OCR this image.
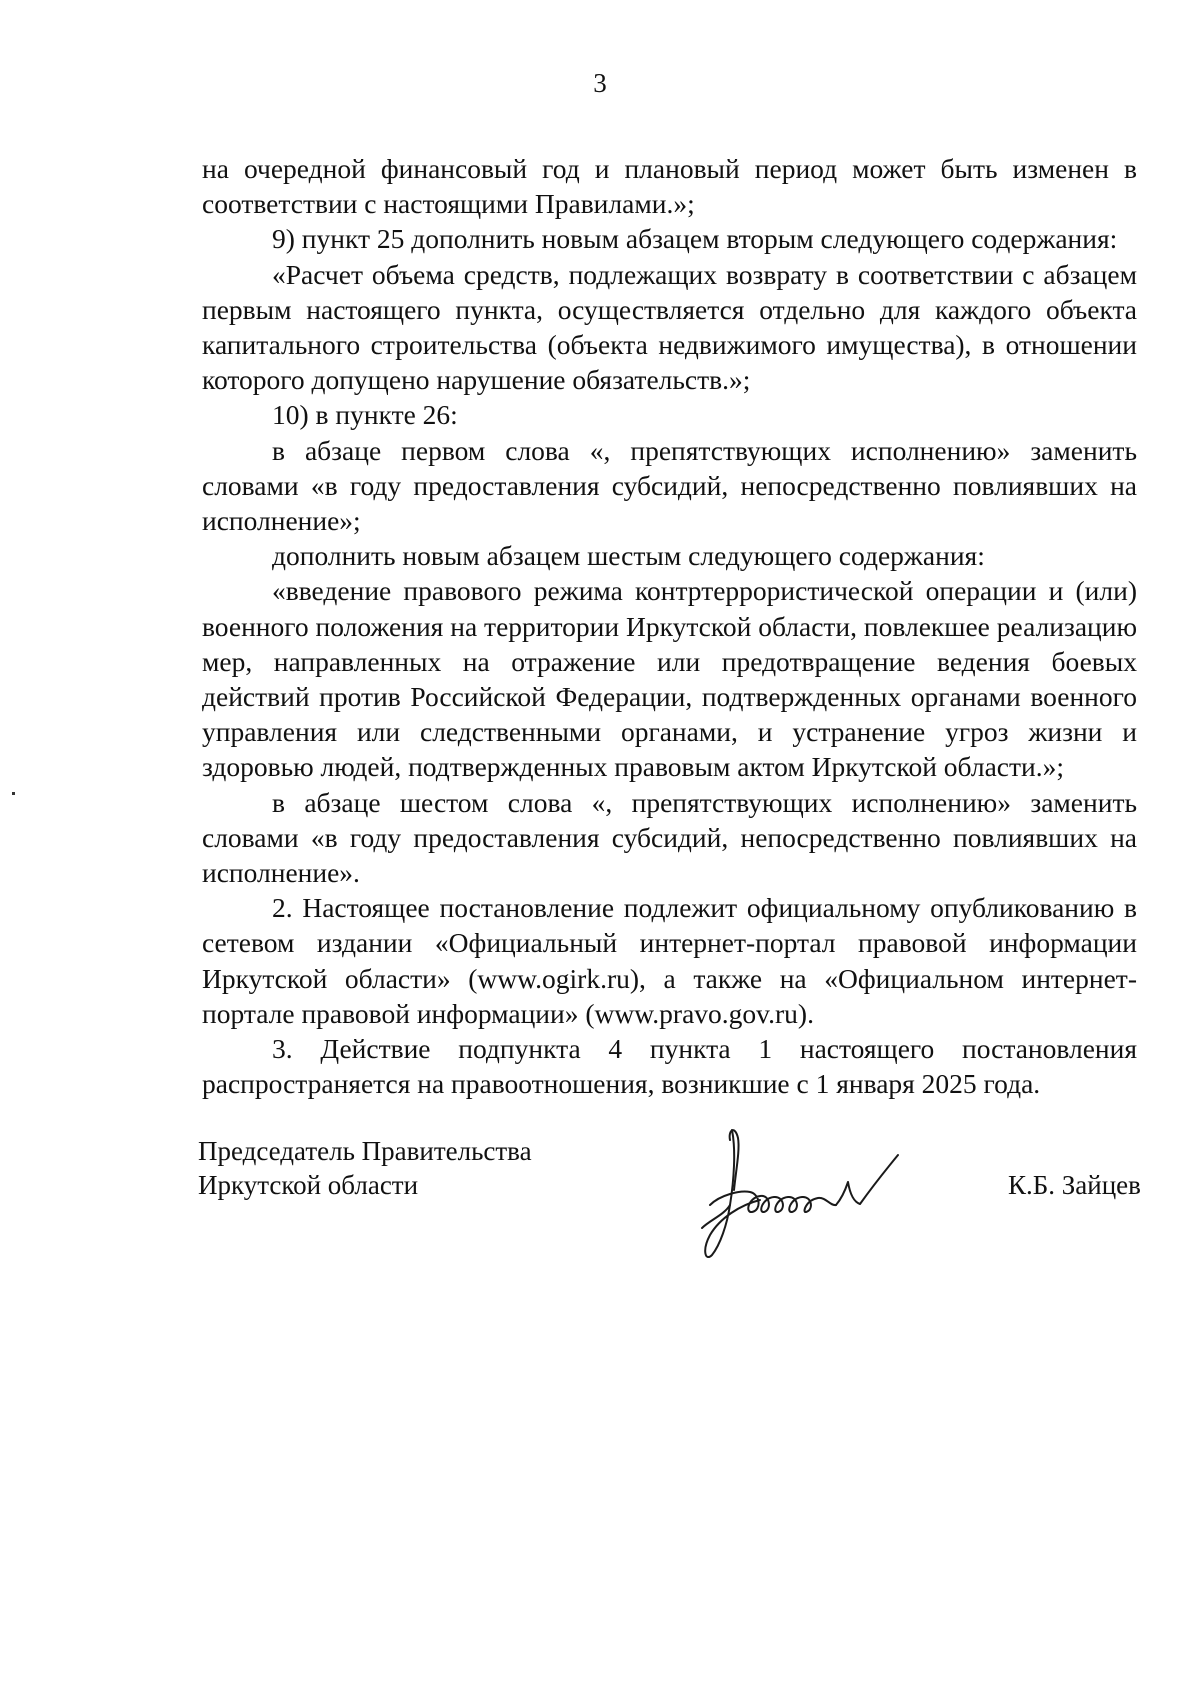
3

на очередной финансовый год и плановый период может быть изменен в соответствии с настоящими Правилами.»;

9) пункт 25 дополнить новым абзацем вторым следующего содержания:

«Расчет объема средств, подлежащих возврату в соответствии с абзацем первым настоящего пункта, осуществляется отдельно для каждого объекта капитального строительства (объекта недвижимого имущества), в отношении которого допущено нарушение обязательств.»;

10) в пункте 26:

в абзаце первом слова «, препятствующих исполнению» заменить словами «в году предоставления субсидий, непосредственно повлиявших на исполнение»;

дополнить новым абзацем шестым следующего содержания:

«введение правового режима контртеррористической операции и (или) военного положения на территории Иркутской области, повлекшее реализацию мер, направленных на отражение или предотвращение ведения боевых действий против Российской Федерации, подтвержденных органами военного управления или следственными органами, и устранение угроз жизни и здоровью людей, подтвержденных правовым актом Иркутской области.»;

в абзаце шестом слова «, препятствующих исполнению» заменить словами «в году предоставления субсидий, непосредственно повлиявших на исполнение».

2. Настоящее постановление подлежит официальному опубликованию в сетевом издании «Официальный интернет-портал правовой информации Иркутской области» (www.ogirk.ru), а также на «Официальном интернет-портале правовой информации» (www.pravo.gov.ru).

3. Действие подпункта 4 пункта 1 настоящего постановления распространяется на правоотношения, возникшие с 1 января 2025 года.

Председатель Правительства
Иркутской области	К.Б. Зайцев
